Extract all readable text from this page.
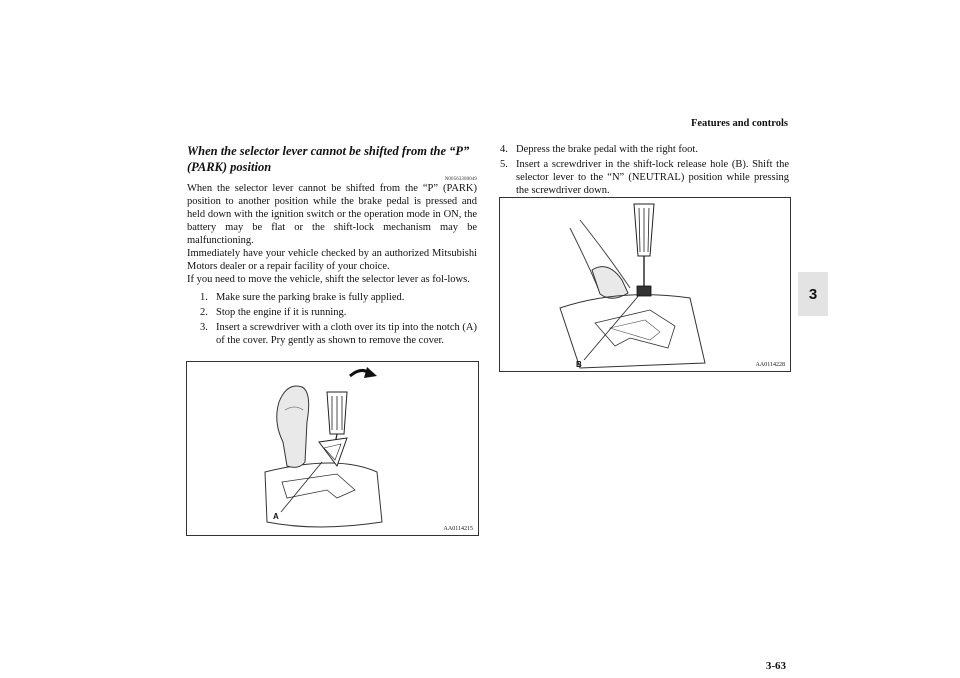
Features and controls
3
When the selector lever cannot be shifted from the “P” (PARK) position
N00563300049

When the selector lever cannot be shifted from the “P” (PARK) position to another position while the brake pedal is pressed and held down with the ignition switch or the operation mode in ON, the battery may be flat or the shift-lock mechanism may be malfunctioning.

Immediately have your vehicle checked by an authorized Mitsubishi Motors dealer or a repair facility of your choice.

If you need to move the vehicle, shift the selector lever as fol-lows.

1. Make sure the parking brake is fully applied.
2. Stop the engine if it is running.
3. Insert a screwdriver with a cloth over its tip into the notch (A) of the cover. Pry gently as shown to remove the cover.
A
AA0114215
4. Depress the brake pedal with the right foot.
5. Insert a screwdriver in the shift-lock release hole (B). Shift the selector lever to the “N” (NEUTRAL) position while pressing the screwdriver down.
B	AA0114228
3-63
